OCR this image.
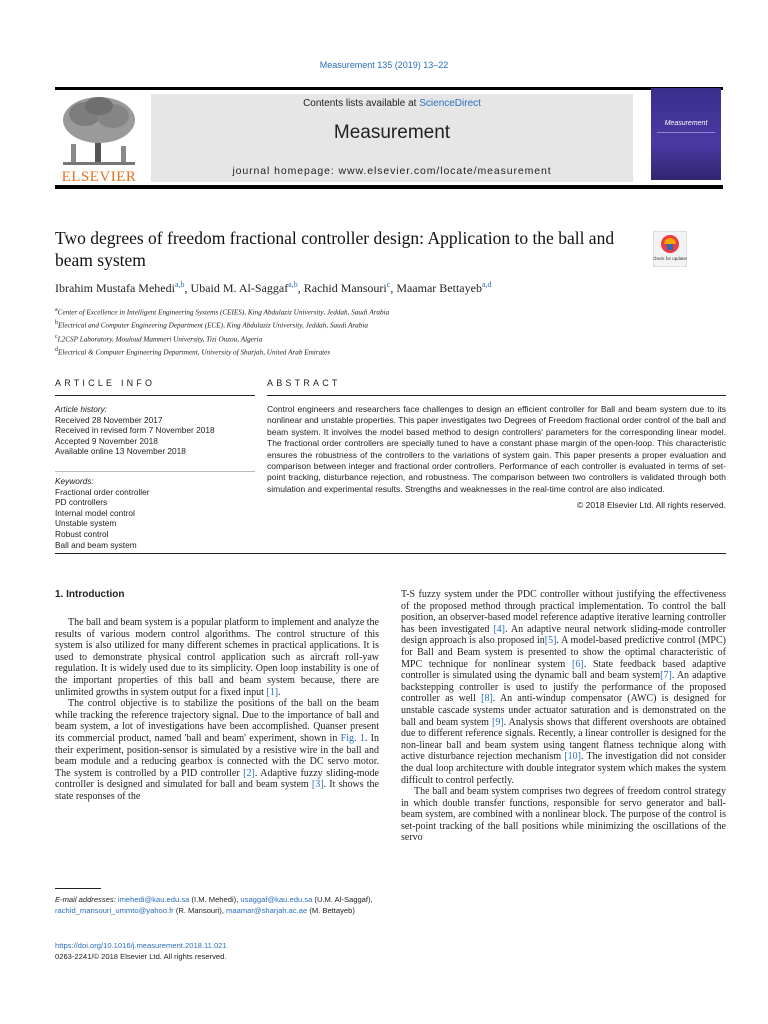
Measurement 135 (2019) 13–22
ELSEVIER
Contents lists available at ScienceDirect
Measurement
journal homepage: www.elsevier.com/locate/measurement
Measurement
Two degrees of freedom fractional controller design: Application to the ball and beam system	Check for updates
Ibrahim Mustafa Mehedi$^{a,b}$, Ubaid M. Al-Saggaf$^{a,b}$, Rachid Mansouri$^c$, Maamar Bettayeb$^{a,d}$
$^a$Center of Excellence in Intelligent Engineering Systems (CEIES), King Abdulaziz University, Jeddah, Saudi Arabia
$^b$Electrical and Computer Engineering Department (ECE), King Abdulaziz University, Jeddah, Saudi Arabia
$^c$L2CSP Laboratory, Mouloud Mammeri University, Tizi Ouzou, Algeria
$^d$Electrical & Computer Engineering Department, University of Sharjah, United Arab Emirates
ARTICLE INFO	ABSTRACT
Article history:
Received 28 November 2017
Received in revised form 7 November 2018
Accepted 9 November 2018
Available online 13 November 2018
Keywords:
Fractional order controller
PD controllers
Internal model control
Unstable system
Robust control
Ball and beam system
Control engineers and researchers face challenges to design an efficient controller for Ball and beam system due to its nonlinear and unstable properties. This paper investigates two Degrees of Freedom fractional order control of the ball and beam system. It involves the model based method to design controllers' parameters for the corresponding linear model. The fractional order controllers are specially tuned to have a constant phase margin of the open-loop. This characteristic ensures the robustness of the controllers to the variations of system gain. This paper presents a proper evaluation and comparison between integer and fractional order controllers. Performance of each controller is evaluated in terms of set-point tracking, disturbance rejection, and robustness. The comparison between two controllers is validated through both simulation and experimental results. Strengths and weaknesses in the real-time control are also indicated.
© 2018 Elsevier Ltd. All rights reserved.
1. Introduction

The ball and beam system is a popular platform to implement and analyze the results of various modern control algorithms. The control structure of this system is also utilized for many different schemes in practical applications. It is used to demonstrate physical control application such as aircraft roll-yaw regulation. It is widely used due to its simplicity. Open loop instability is one of the important properties of this ball and beam system because, there are unlimited growths in system output for a fixed input [1].

The control objective is to stabilize the positions of the ball on the beam while tracking the reference trajectory signal. Due to the importance of ball and beam system, a lot of investigations have been accomplished. Quanser present its commercial product, named 'ball and beam' experiment, shown in Fig. 1. In their experiment, position-sensor is simulated by a resistive wire in the ball and beam module and a reducing gearbox is connected with the DC servo motor. The system is controlled by a PID controller [2]. Adaptive fuzzy sliding-mode controller is designed and simulated for ball and beam system [3]. It shows the state responses of the

T-S fuzzy system under the PDC controller without justifying the effectiveness of the proposed method through practical implementation. To control the ball position, an observer-based model reference adaptive iterative learning controller has been investigated [4]. An adaptive neural network sliding-mode controller design approach is also proposed in[5]. A model-based predictive control (MPC) for Ball and Beam system is presented to show the optimal characteristic of MPC technique for nonlinear system [6]. State feedback based adaptive controller is simulated using the dynamic ball and beam system[7]. An adaptive backstepping controller is used to justify the performance of the proposed controller as well [8]. An anti-windup compensator (AWC) is designed for unstable cascade systems under actuator saturation and is demonstrated on the ball and beam system [9]. Analysis shows that different overshoots are obtained due to different reference signals. Recently, a linear controller is designed for the non-linear ball and beam system using tangent flatness technique along with active disturbance rejection mechanism [10]. The investigation did not consider the dual loop architecture with double integrator system which makes the system difficult to control perfectly.

The ball and beam system comprises two degrees of freedom control strategy in which double transfer functions, responsible for servo generator and ball-beam system, are combined with a nonlinear block. The purpose of the control is set-point tracking of the ball positions while minimizing the oscillations of the servo

E-mail addresses: imehedi@kau.edu.sa (I.M. Mehedi), usaggaf@kau.edu.sa (U.M. Al-Saggaf), rachid_mansouri_ummto@yahoo.fr (R. Mansouri), maamar@sharjah.ac.ae (M. Bettayeb)
https://doi.org/10.1016/j.measurement.2018.11.021
0263-2241/© 2018 Elsevier Ltd. All rights reserved.
